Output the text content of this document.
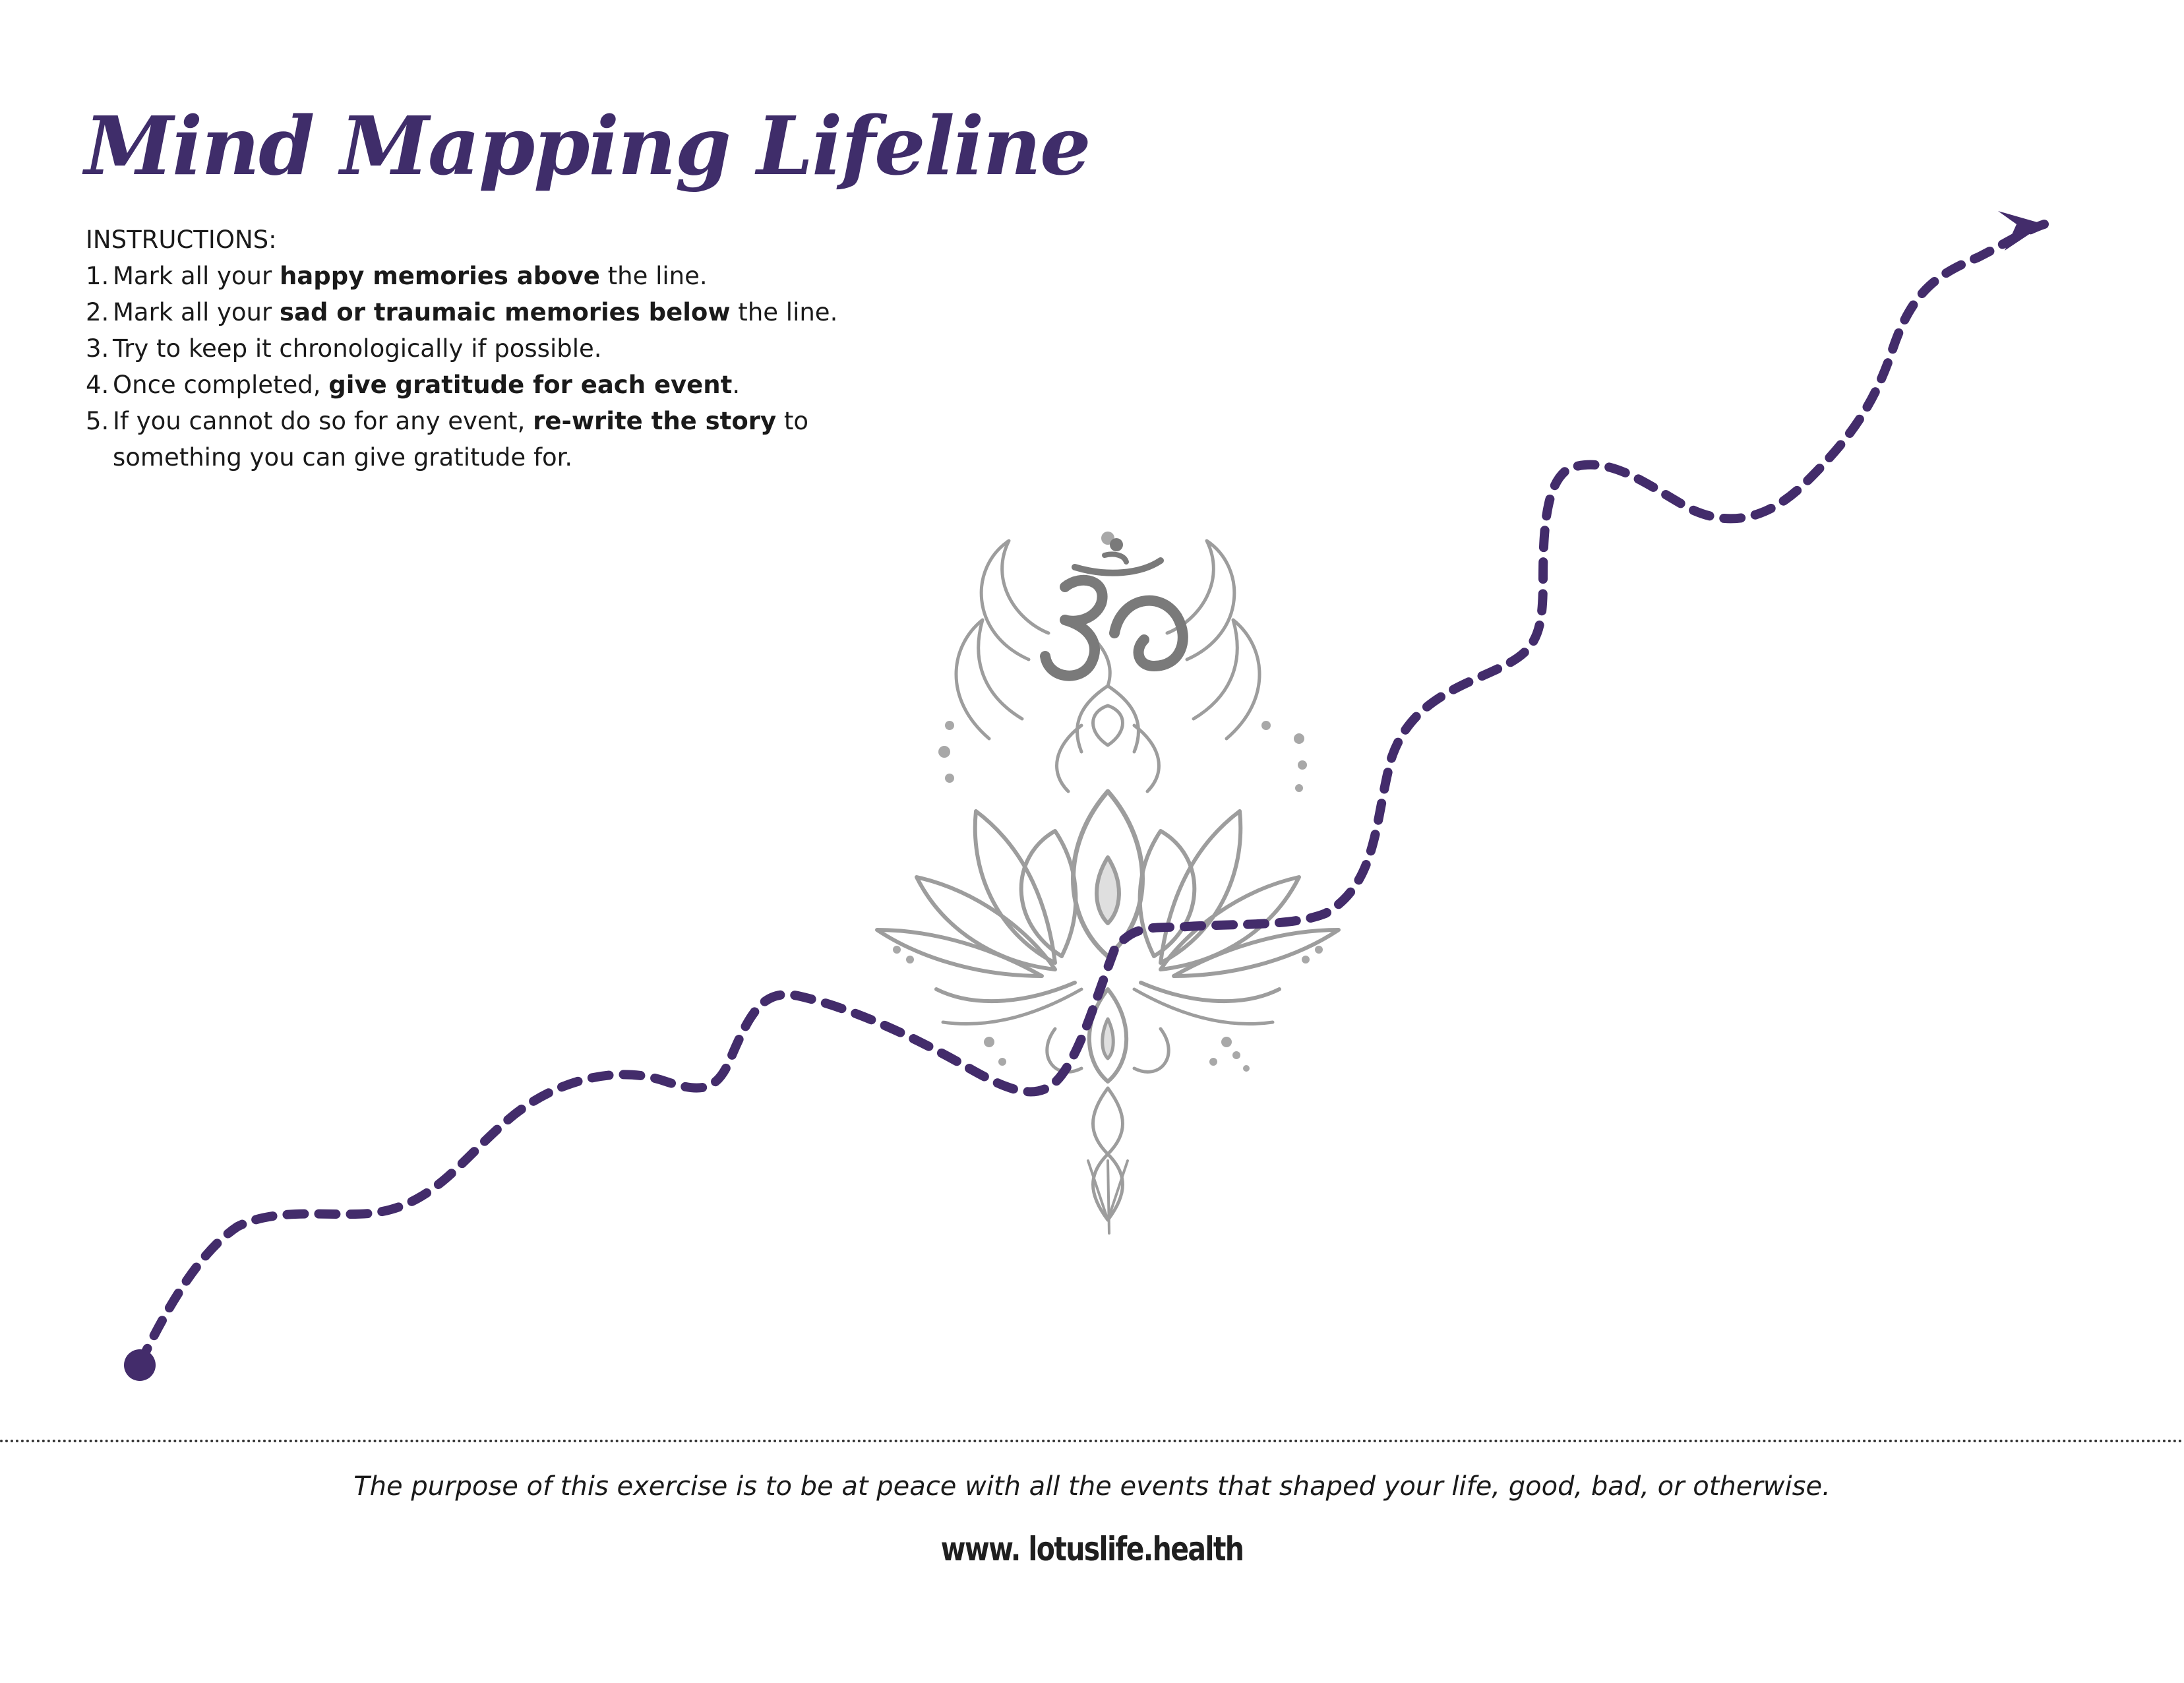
Mind Mapping Lifeline
INSTRUCTIONS:
1. Mark all your happy memories above the line.
2. Mark all your sad or traumaic memories below the line.
3. Try to keep it chronologically if possible.
4. Once completed, give gratitude for each event.
5. If you cannot do so for any event, re-write the story to something you can give gratitude for.

The purpose of this exercise is to be at peace with all the events that shaped your life, good, bad, or otherwise.

www. lotuslife.health
